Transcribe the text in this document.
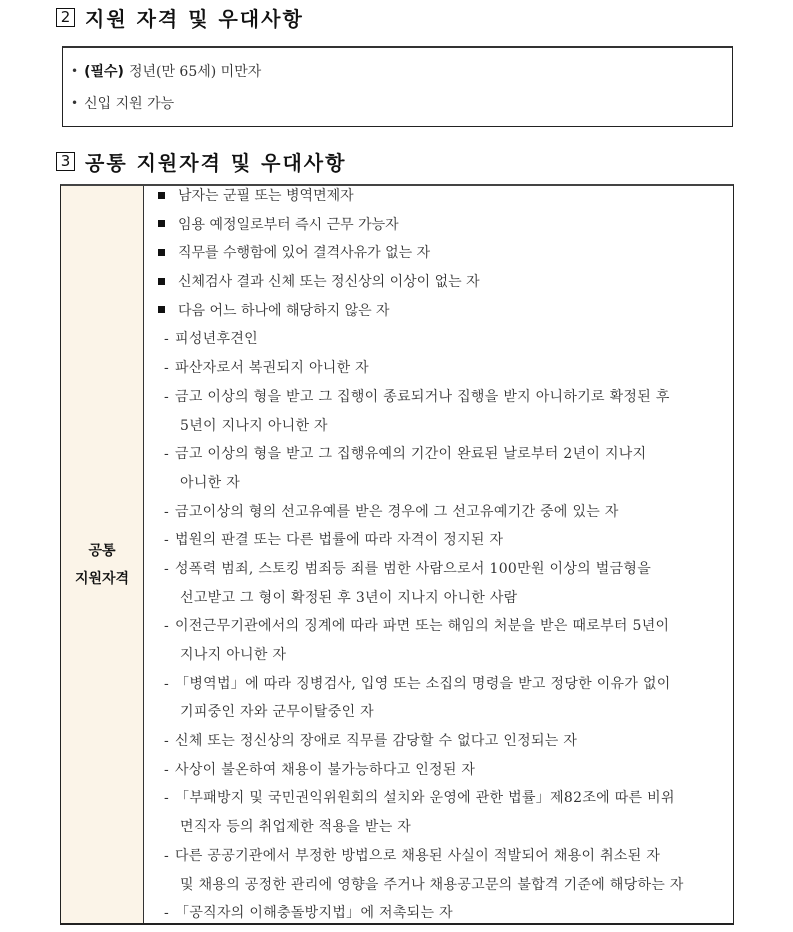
2 지원 자격 및 우대사항
• (필수) 정년(만 65세) 미만자
• 신입 지원 가능
3 공통 지원자격 및 우대사항
공통
지원자격
남자는 군필 또는 병역면제자
임용 예정일로부터 즉시 근무 가능자
직무를 수행함에 있어 결격사유가 없는 자
신체검사 결과 신체 또는 정신상의 이상이 없는 자
다음 어느 하나에 해당하지 않은 자
- 피성년후견인
- 파산자로서 복권되지 아니한 자
- 금고 이상의 형을 받고 그 집행이 종료되거나 집행을 받지 아니하기로 확정된 후
5년이 지나지 아니한 자
- 금고 이상의 형을 받고 그 집행유예의 기간이 완료된 날로부터 2년이 지나지
아니한 자
- 금고이상의 형의 선고유예를 받은 경우에 그 선고유예기간 중에 있는 자
- 법원의 판결 또는 다른 법률에 따라 자격이 정지된 자
- 성폭력 범죄, 스토킹 범죄등 죄를 범한 사람으로서 100만원 이상의 벌금형을
선고받고 그 형이 확정된 후 3년이 지나지 아니한 사람
- 이전근무기관에서의 징계에 따라 파면 또는 해임의 처분을 받은 때로부터 5년이
지나지 아니한 자
- 「병역법」에 따라 징병검사, 입영 또는 소집의 명령을 받고 정당한 이유가 없이
기피중인 자와 군무이탈중인 자
- 신체 또는 정신상의 장애로 직무를 감당할 수 없다고 인정되는 자
- 사상이 불온하여 채용이 불가능하다고 인정된 자
- 「부패방지 및 국민권익위원회의 설치와 운영에 관한 법률」제82조에 따른 비위
면직자 등의 취업제한 적용을 받는 자
- 다른 공공기관에서 부정한 방법으로 채용된 사실이 적발되어 채용이 취소된 자
및 채용의 공정한 관리에 영향을 주거나 채용공고문의 불합격 기준에 해당하는 자
- 「공직자의 이해충돌방지법」에 저촉되는 자
